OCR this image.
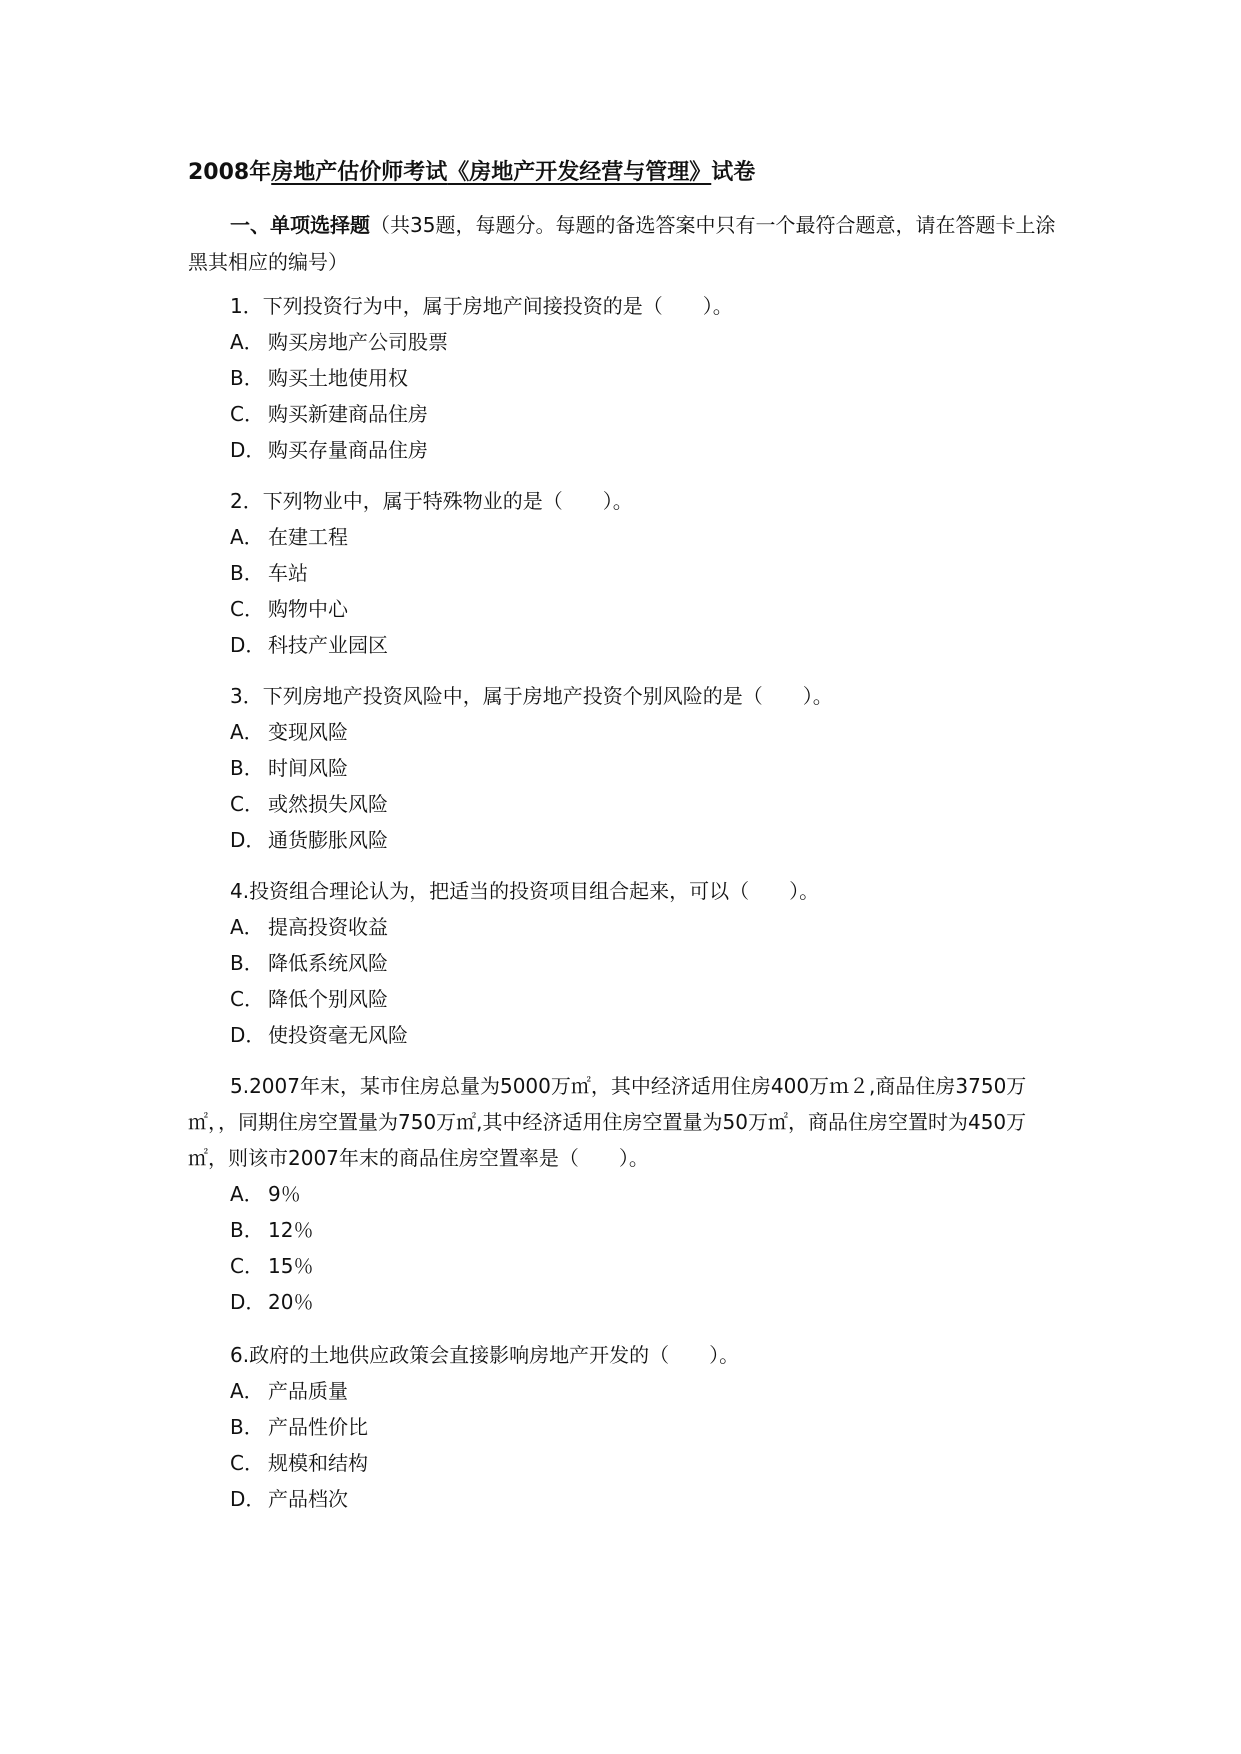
2008年房地产估价师考试《房地产开发经营与管理》试卷

一、单项选择题（共35题，每题分。每题的备选答案中只有一个最符合题意，请在答题卡上涂黑其相应的编号）

1．下列投资行为中，属于房地产间接投资的是（　　）。

A． 购买房地产公司股票

B． 购买土地使用权

C． 购买新建商品住房

D． 购买存量商品住房

2．下列物业中，属于特殊物业的是（　　）。

A． 在建工程

B． 车站

C． 购物中心

D． 科技产业园区

3．下列房地产投资风险中，属于房地产投资个别风险的是（　　）。

A． 变现风险

B． 时间风险

C． 或然损失风险

D． 通货膨胀风险

4.投资组合理论认为，把适当的投资项目组合起来，可以（　　）。

A． 提高投资收益

B． 降低系统风险

C． 降低个别风险

D． 使投资毫无风险

5.2007年末，某市住房总量为5000万㎡，其中经济适用住房400万ｍ２,商品住房3750万㎡，，同期住房空置量为750万㎡,其中经济适用住房空置量为50万㎡，商品住房空置时为450万㎡，则该市2007年末的商品住房空置率是（　　）。

A． 9％

B． 12％

C． 15％

D． 20％

6.政府的土地供应政策会直接影响房地产开发的（　　）。

A． 产品质量

B． 产品性价比

C． 规模和结构

D． 产品档次
